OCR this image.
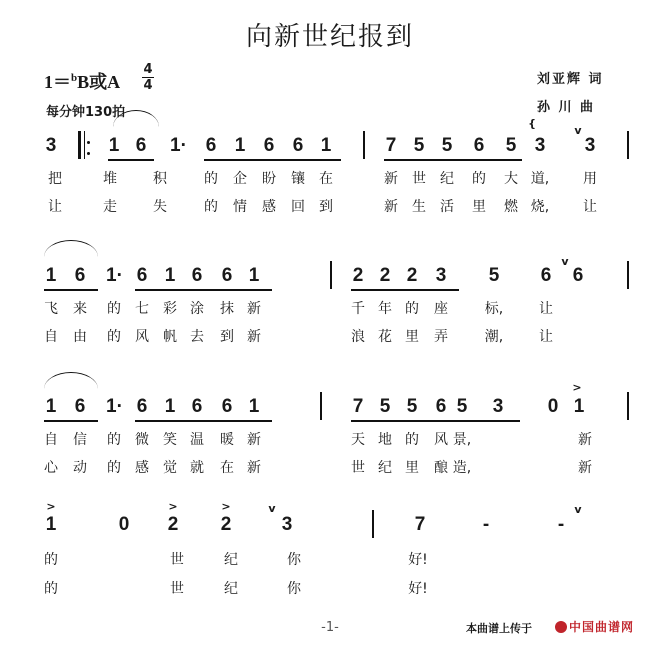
向新世纪报到
1＝$^b$B或A
4
4
每分钟130拍
刘亚辉 词
孙 川 曲
3	1 6 1· 6 1 6 6 1	7 5 5 6 5 3 3
把	堆	积	的 企 盼 镶 在	新 世 纪 的 大 道, 用
让	走	失	的 情 感 回 到	新 生 活 里 燃 烧, 让
{
v
1 6 1· 6 1 6 6 1	2 2 2 3 5 6 6
飞 来 的 七 彩 涂 抹 新	千 年 的 座	标,	让
自 由 的 风 帆 去 到 新	浪 花 里 弄	潮,	让
v
1 6 1· 6 1 6 6 1	7 5 5 6 5 3 0 1
自 信 的 微 笑 温 暖 新	天 地 的 风 景,	新
心 动 的 感 觉 就 在 新	世 纪 里 酿 造,	新
>
1	0 2 2	3	7	-	-
的	世	纪	你	好!
的	世	纪	你	好!
>	>	>	v	v
-1-	本曲谱上传于	中国曲谱网
